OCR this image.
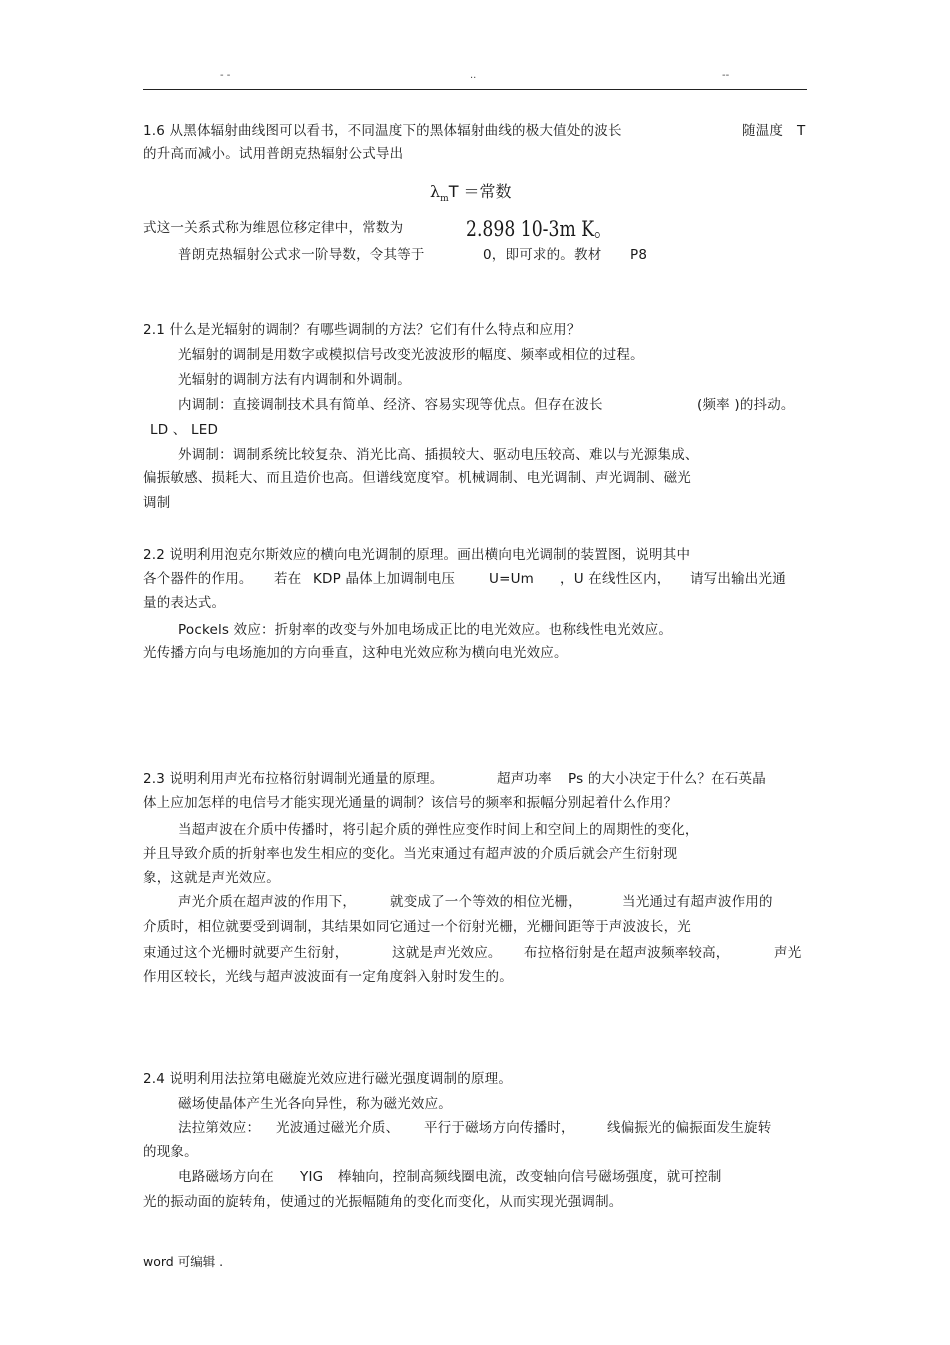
- -	..	--
1.6 从黑体辐射曲线图可以看书，不同温度下的黑体辐射曲线的极大值处的波长	随温度 T
的升高而减小。试用普朗克热辐射公式导出
$\lambda_mT$ ＝常数
式这一关系式称为维恩位移定律中，常数为	2.898 10-3m K。
普朗克热辐射公式求一阶导数，令其等于	0，即可求的。教材 P8
2.1 什么是光辐射的调制？有哪些调制的方法？它们有什么特点和应用？
光辐射的调制是用数字或模拟信号改变光波波形的幅度、频率或相位的过程。
光辐射的调制方法有内调制和外调制。
内调制：直接调制技术具有简单、经济、容易实现等优点。但存在波长	(频率 )的抖动。
LD 、 LED
外调制：调制系统比较复杂、消光比高、插损较大、驱动电压较高、难以与光源集成、
偏振敏感、损耗大、而且造价也高。但谱线宽度窄。机械调制、电光调制、声光调制、磁光
调制
2.2 说明利用泡克尔斯效应的横向电光调制的原理。画出横向电光调制的装置图，说明其中
各个器件的作用。 若在 KDP 晶体上加调制电压	U=Um ，U 在线性区内， 请写出输出光通
量的表达式。
Pockels 效应：折射率的改变与外加电场成正比的电光效应。也称线性电光效应。
光传播方向与电场施加的方向垂直，这种电光效应称为横向电光效应。
2.3 说明利用声光布拉格衍射调制光通量的原理。	超声功率 Ps 的大小决定于什么？在石英晶
体上应加怎样的电信号才能实现光通量的调制？该信号的频率和振幅分别起着什么作用？
当超声波在介质中传播时，将引起介质的弹性应变作时间上和空间上的周期性的变化，
并且导致介质的折射率也发生相应的变化。当光束通过有超声波的介质后就会产生衍射现
象，这就是声光效应。
声光介质在超声波的作用下，	就变成了一个等效的相位光栅，	当光通过有超声波作用的
介质时，相位就要受到调制，其结果如同它通过一个衍射光栅，光栅间距等于声波波长，光
束通过这个光栅时就要产生衍射，	这就是声光效应。 布拉格衍射是在超声波频率较高，	声光
作用区较长，光线与超声波波面有一定角度斜入射时发生的。
2.4 说明利用法拉第电磁旋光效应进行磁光强度调制的原理。
磁场使晶体产生光各向异性，称为磁光效应。
法拉第效应： 光波通过磁光介质、 平行于磁场方向传播时， 线偏振光的偏振面发生旋转
的现象。
电路磁场方向在 YIG 棒轴向，控制高频线圈电流，改变轴向信号磁场强度，就可控制
光的振动面的旋转角，使通过的光振幅随角的变化而变化，从而实现光强调制。
word 可编辑 .
